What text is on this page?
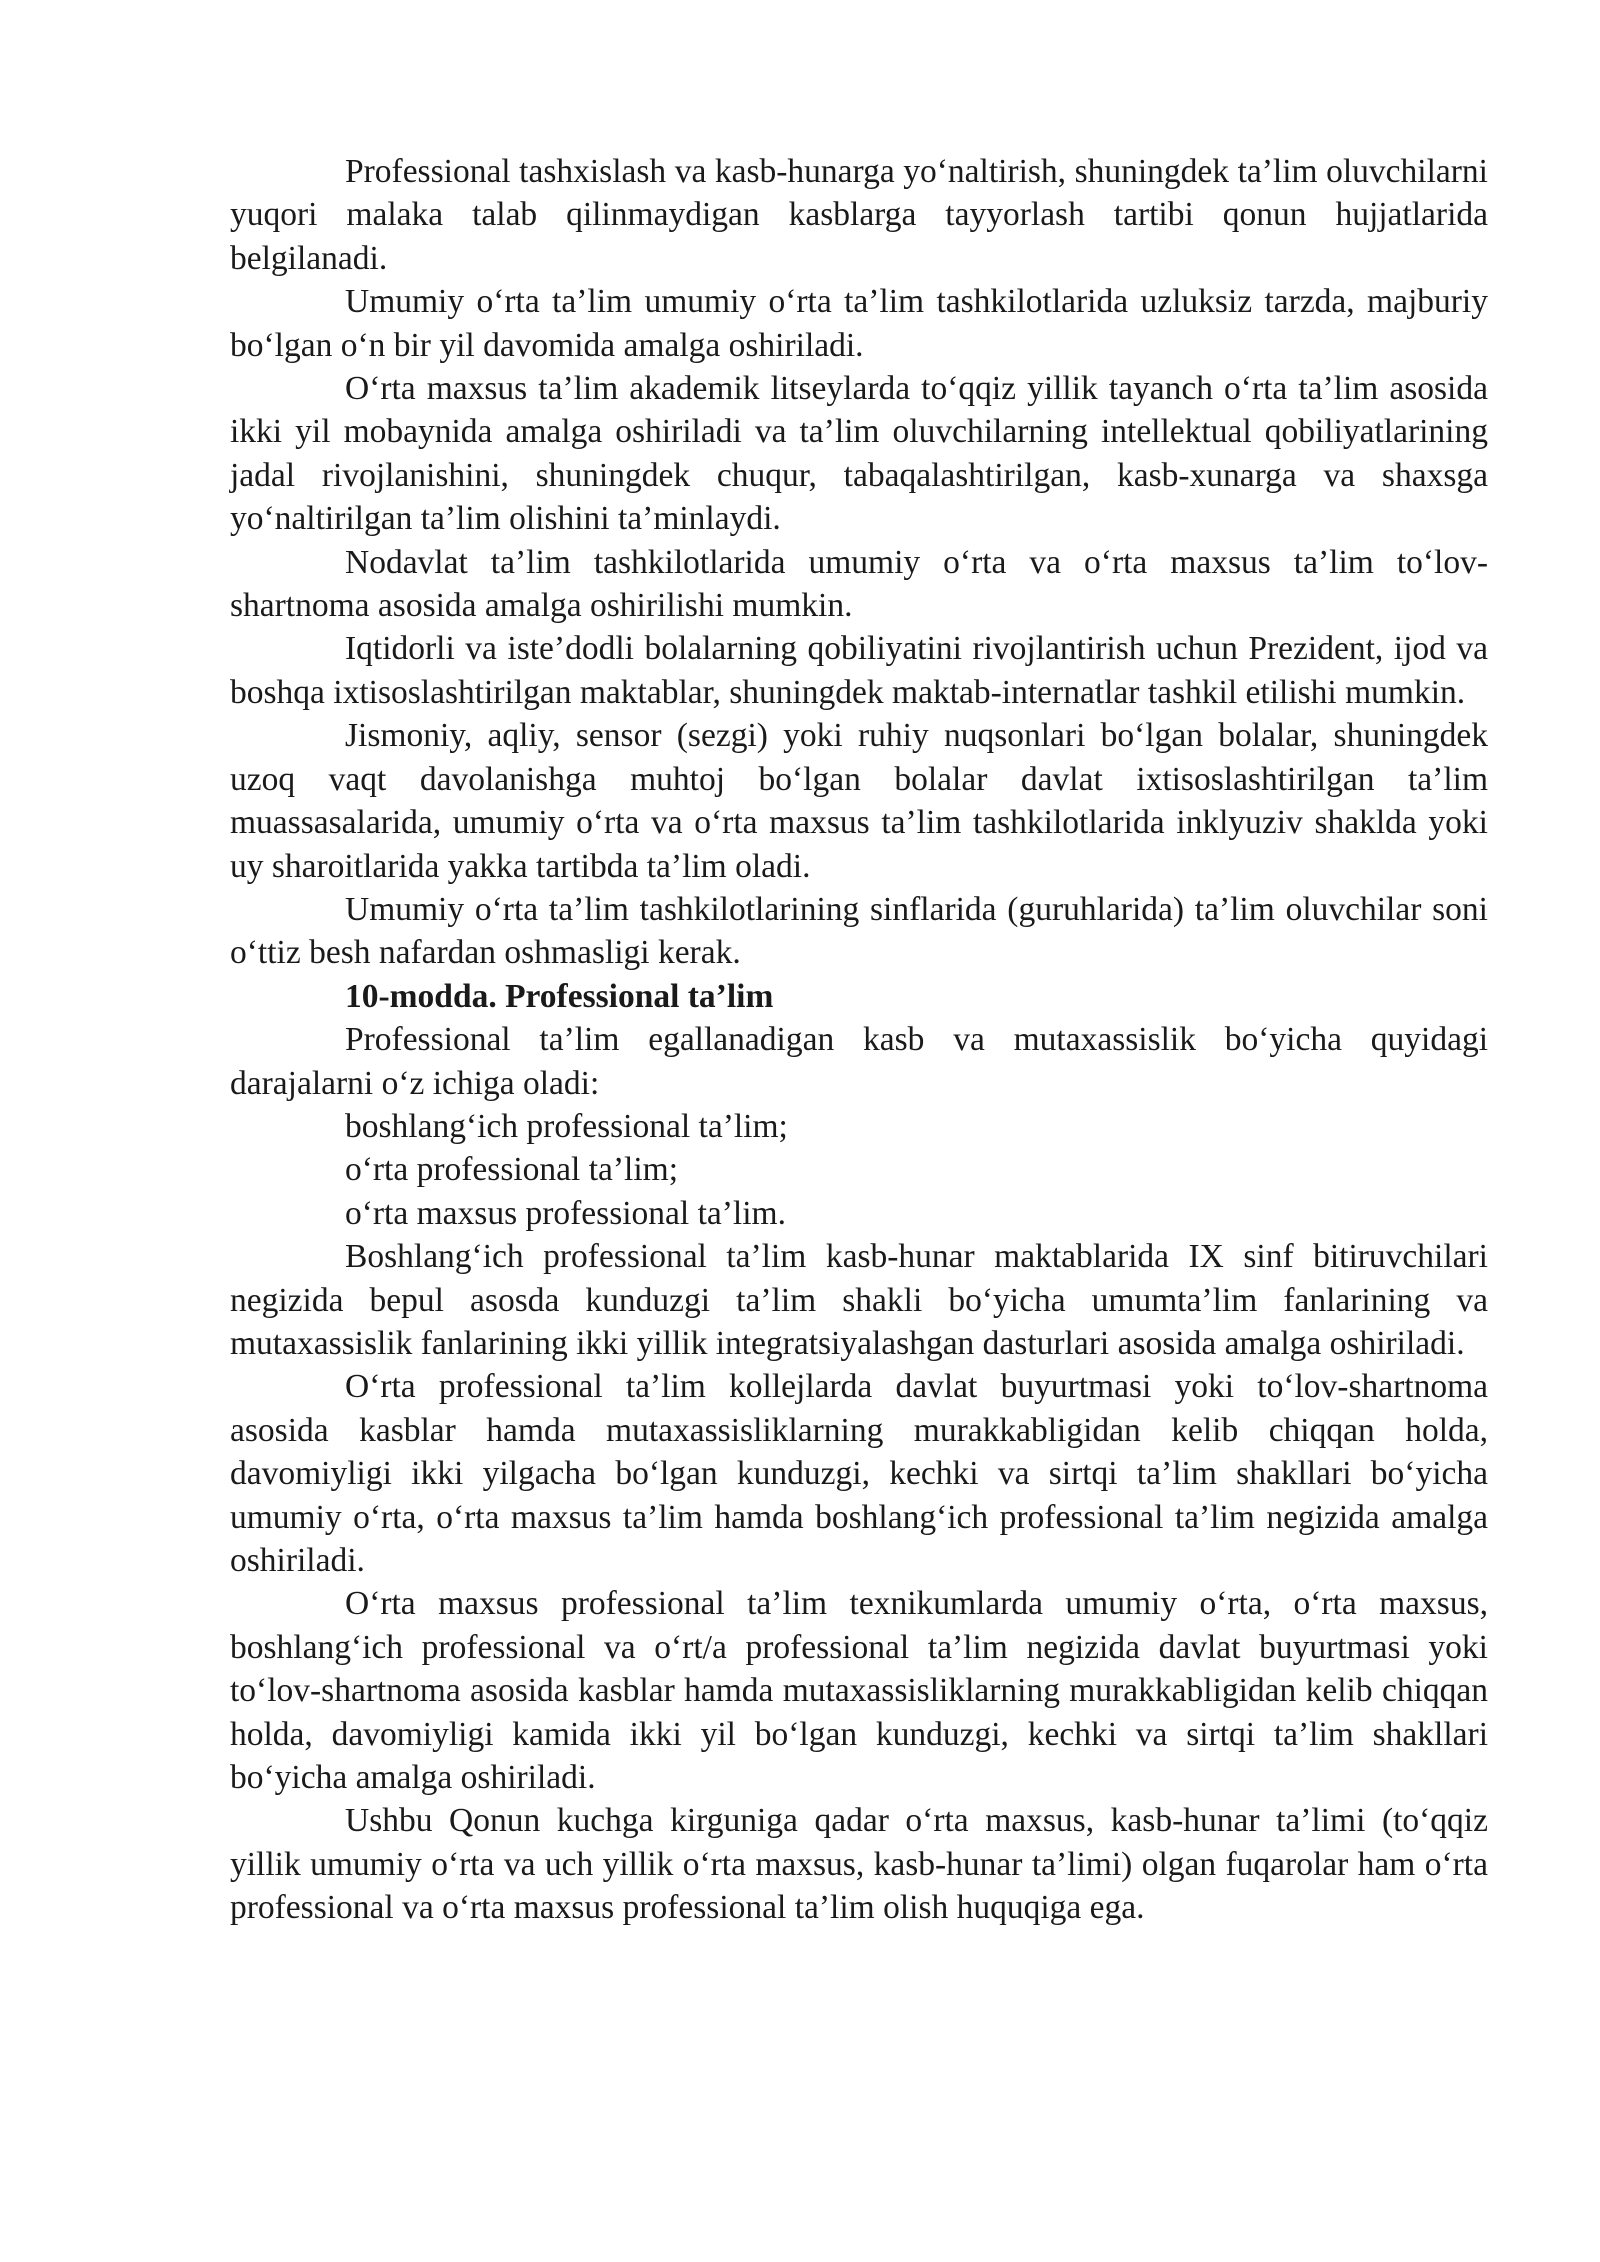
Professional tashxislash va kasb-hunarga yo‘naltirish, shuningdek ta’lim oluvchilarni yuqori malaka talab qilinmaydigan kasblarga tayyorlash tartibi qonun hujjatlarida belgilanadi.

Umumiy o‘rta ta’lim umumiy o‘rta ta’lim tashkilotlarida uzluksiz tarzda, majburiy bo‘lgan o‘n bir yil davomida amalga oshiriladi.

O‘rta maxsus ta’lim akademik litseylarda to‘qqiz yillik tayanch o‘rta ta’lim asosida ikki yil mobaynida amalga oshiriladi va ta’lim oluvchilarning intellektual qobiliyatlarining jadal rivojlanishini, shuningdek chuqur, tabaqalashtirilgan, kasb-xunarga va shaxsga yo‘naltirilgan ta’lim olishini ta’minlaydi.

Nodavlat ta’lim tashkilotlarida umumiy o‘rta va o‘rta maxsus ta’lim to‘lov-shartnoma asosida amalga oshirilishi mumkin.

Iqtidorli va iste’dodli bolalarning qobiliyatini rivojlantirish uchun Prezident, ijod va boshqa ixtisoslashtirilgan maktablar, shuningdek maktab-internatlar tashkil etilishi mumkin.

Jismoniy, aqliy, sensor (sezgi) yoki ruhiy nuqsonlari bo‘lgan bolalar, shuningdek uzoq vaqt davolanishga muhtoj bo‘lgan bolalar davlat ixtisoslashtirilgan ta’lim muassasalarida, umumiy o‘rta va o‘rta maxsus ta’lim tashkilotlarida inklyuziv shaklda yoki uy sharoitlarida yakka tartibda ta’lim oladi.

Umumiy o‘rta ta’lim tashkilotlarining sinflarida (guruhlarida) ta’lim oluvchilar soni o‘ttiz besh nafardan oshmasligi kerak.

10-modda. Professional ta’lim

Professional ta’lim egallanadigan kasb va mutaxassislik bo‘yicha quyidagi darajalarni o‘z ichiga oladi:

boshlang‘ich professional ta’lim;

o‘rta professional ta’lim;

o‘rta maxsus professional ta’lim.

Boshlang‘ich professional ta’lim kasb-hunar maktablarida IX sinf bitiruvchilari negizida bepul asosda kunduzgi ta’lim shakli bo‘yicha umumta’lim fanlarining va mutaxassislik fanlarining ikki yillik integratsiyalashgan dasturlari asosida amalga oshiriladi.

O‘rta professional ta’lim kollejlarda davlat buyurtmasi yoki to‘lov-shartnoma asosida kasblar hamda mutaxassisliklarning murakkabligidan kelib chiqqan holda, davomiyligi ikki yilgacha bo‘lgan kunduzgi, kechki va sirtqi ta’lim shakllari bo‘yicha umumiy o‘rta, o‘rta maxsus ta’lim hamda boshlang‘ich professional ta’lim negizida amalga oshiriladi.

O‘rta maxsus professional ta’lim texnikumlarda umumiy o‘rta, o‘rta maxsus, boshlang‘ich professional va o‘rt/a professional ta’lim negizida davlat buyurtmasi yoki to‘lov-shartnoma asosida kasblar hamda mutaxassisliklarning murakkabligidan kelib chiqqan holda, davomiyligi kamida ikki yil bo‘lgan kunduzgi, kechki va sirtqi ta’lim shakllari bo‘yicha amalga oshiriladi.

Ushbu Qonun kuchga kirguniga qadar o‘rta maxsus, kasb-hunar ta’limi (to‘qqiz yillik umumiy o‘rta va uch yillik o‘rta maxsus, kasb-hunar ta’limi) olgan fuqarolar ham o‘rta professional va o‘rta maxsus professional ta’lim olish huquqiga ega.
